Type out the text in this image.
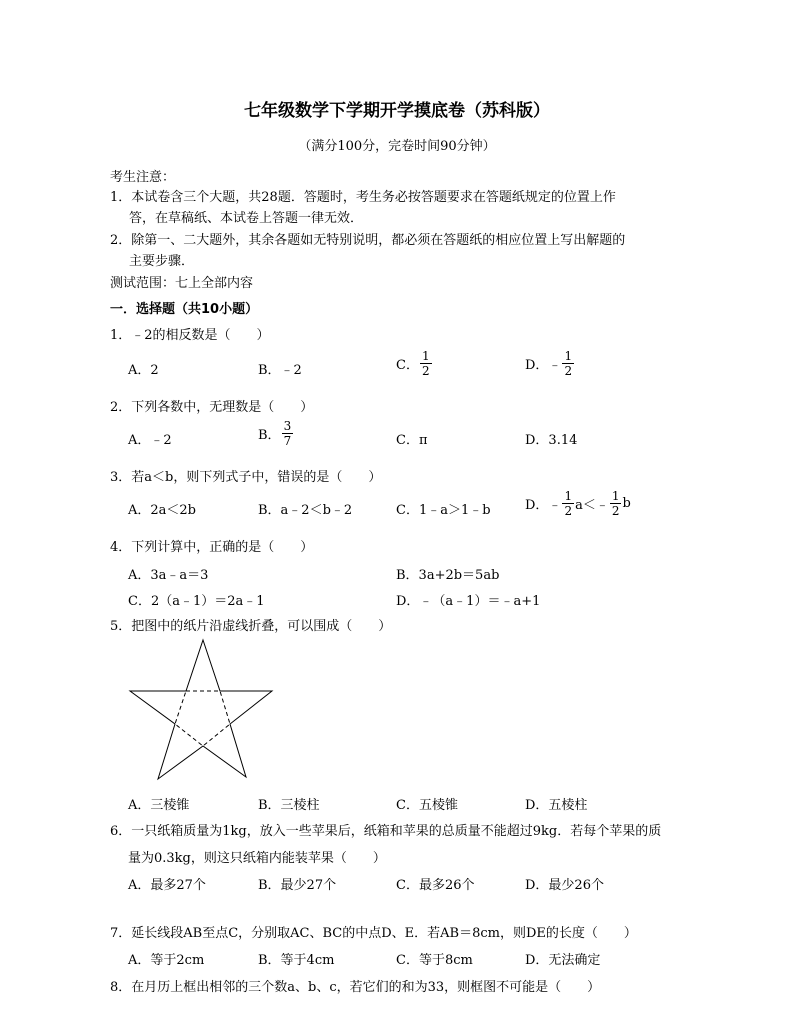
七年级数学下学期开学摸底卷（苏科版）
（满分100分，完卷时间90分钟）
考生注意：
1．本试卷含三个大题，共28题．答题时，考生务必按答题要求在答题纸规定的位置上作
答，在草稿纸、本试卷上答题一律无效．
2．除第一、二大题外，其余各题如无特别说明，都必须在答题纸的相应位置上写出解题的
主要步骤．
测试范围：七上全部内容
一．选择题（共10小题）
1．﹣2的相反数是（　　）
A．2	B．﹣2	C． $\frac{1}{2}$	D．﹣ $\frac{1}{2}$
2．下列各数中，无理数是（　　）
A．﹣2	B． $\frac{3}{7}$	C．π	D．3.14
3．若a＜b，则下列式子中，错误的是（　　）
A．2a＜2b	B．a﹣2＜b﹣2	C．1﹣a＞1﹣b	D．﹣ $\frac{1}{2}$ a＜﹣ $\frac{1}{2}$ b
4．下列计算中，正确的是（　　）
A．3a﹣a＝3	B．3a+2b＝5ab
C．2（a﹣1）＝2a﹣1	D．﹣（a﹣1）＝﹣a+1
5．把图中的纸片沿虚线折叠，可以围成（　　）
A．三棱锥	B．三棱柱	C．五棱锥	D．五棱柱
6．一只纸箱质量为1kg，放入一些苹果后，纸箱和苹果的总质量不能超过9kg．若每个苹果的质
量为0.3kg，则这只纸箱内能装苹果（　　）
A．最多27个	B．最少27个	C．最多26个	D．最少26个
7．延长线段AB至点C，分别取AC、BC的中点D、E．若AB＝8cm，则DE的长度（　　）
A．等于2cm	B．等于4cm	C．等于8cm	D．无法确定
8．在月历上框出相邻的三个数a、b、c，若它们的和为33，则框图不可能是（　　）
